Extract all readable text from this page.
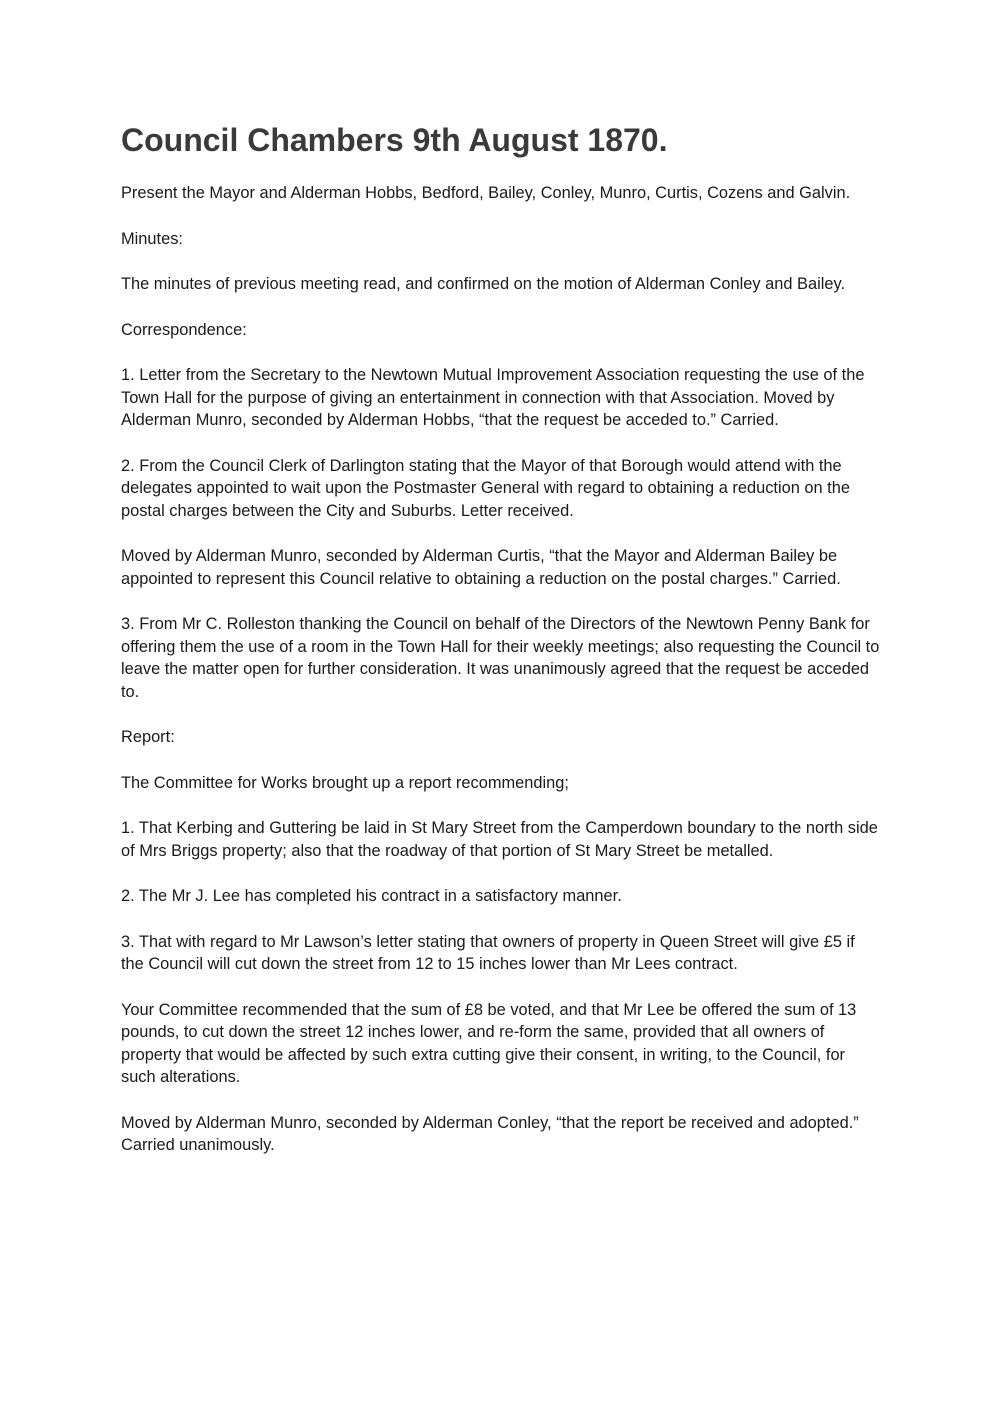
Council Chambers 9th August 1870.

Present the Mayor and Alderman Hobbs, Bedford, Bailey, Conley, Munro, Curtis, Cozens and Galvin.

Minutes:

The minutes of previous meeting read, and confirmed on the motion of Alderman Conley and Bailey.

Correspondence:

1. Letter from the Secretary to the Newtown Mutual Improvement Association requesting the use of the Town Hall for the purpose of giving an entertainment in connection with that Association. Moved by Alderman Munro, seconded by Alderman Hobbs, “that the request be acceded to.” Carried.

2. From the Council Clerk of Darlington stating that the Mayor of that Borough would attend with the delegates appointed to wait upon the Postmaster General with regard to obtaining a reduction on the postal charges between the City and Suburbs. Letter received.

Moved by Alderman Munro, seconded by Alderman Curtis, “that the Mayor and Alderman Bailey be appointed to represent this Council relative to obtaining a reduction on the postal charges.” Carried.

3. From Mr C. Rolleston thanking the Council on behalf of the Directors of the Newtown Penny Bank for offering them the use of a room in the Town Hall for their weekly meetings; also requesting the Council to leave the matter open for further consideration. It was unanimously agreed that the request be acceded to.

Report:

The Committee for Works brought up a report recommending;

1. That Kerbing and Guttering be laid in St Mary Street from the Camperdown boundary to the north side of Mrs Briggs property; also that the roadway of that portion of St Mary Street be metalled.

2. The Mr J. Lee has completed his contract in a satisfactory manner.

3. That with regard to Mr Lawson’s letter stating that owners of property in Queen Street will give £5 if the Council will cut down the street from 12 to 15 inches lower than Mr Lees contract.

Your Committee recommended that the sum of £8 be voted, and that Mr Lee be offered the sum of 13 pounds, to cut down the street 12 inches lower, and re-form the same, provided that all owners of property that would be affected by such extra cutting give their consent, in writing, to the Council, for such alterations.

Moved by Alderman Munro, seconded by Alderman Conley, “that the report be received and adopted.” Carried unanimously.
